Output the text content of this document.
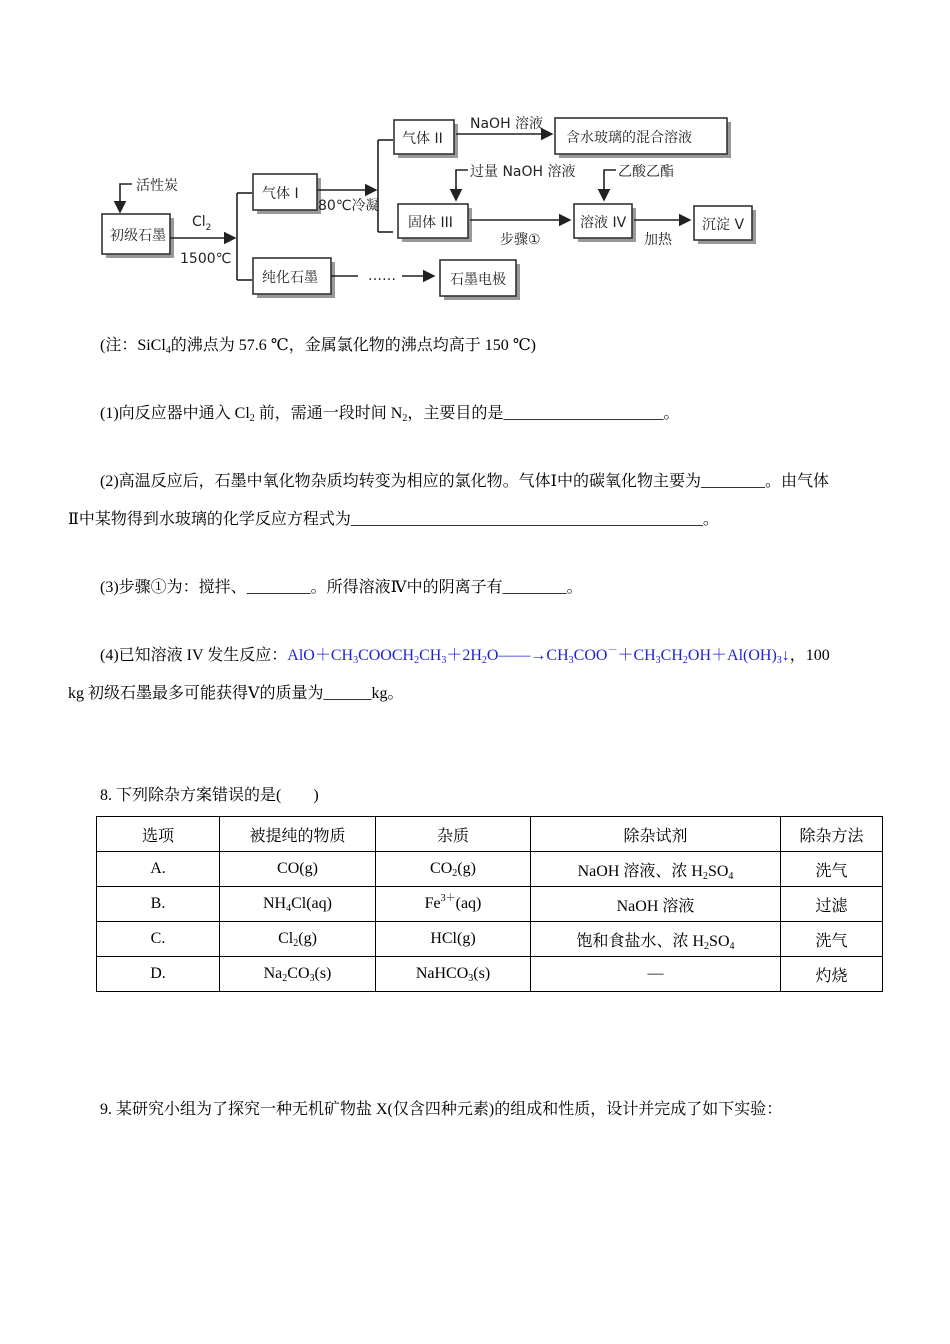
初级石墨
活性炭
$Cl_2$
1500℃
气体 I
80℃冷凝
气体 II
NaOH 溶液
含水玻璃的混合溶液
固体 III
过量 NaOH 溶液
步骤①
溶液 IV
乙酸乙酯
加热
沉淀 V
纯化石墨	……	石墨电极
(注：SiCl$_4$的沸点为 57.6 ℃，金属氯化物的沸点均高于 150 ℃)
(1)向反应器中通入 $Cl_2$ 前，需通一段时间 $N_2$，主要目的是____________________。
(2)高温反应后，石墨中氧化物杂质均转变为相应的氯化物。气体Ⅰ中的碳氧化物主要为________。由气体
Ⅱ中某物得到水玻璃的化学反应方程式为____________________________________________。
(3)步骤①为：搅拌、________。所得溶液Ⅳ中的阴离子有________。
(4)已知溶液 IV 发生反应：$AlO+CH_3COOCH_2CH_3+2H_2O——\to CH_3COO^-+CH_3CH_2OH+Al(OH)_3↓$，100
kg 初级石墨最多可能获得Ⅴ的质量为______kg。
8. 下列除杂方案错误的是(　　)
选项	被提纯的物质	杂质	除杂试剂	除杂方法
A.	CO(g)	$CO_2(g)$	NaOH 溶液、浓 $H_2SO_4$	洗气
B.	$NH_4Cl(aq)$	$Fe^{3+}(aq)$	NaOH 溶液	过滤
C.	$Cl_2(g)$	HCl(g)	饱和食盐水、浓 $H_2SO_4$	洗气
D.	$Na_2CO_3(s)$	NaHCO$_3$(s)	—	灼烧
9. 某研究小组为了探究一种无机矿物盐 X(仅含四种元素)的组成和性质，设计并完成了如下实验：
